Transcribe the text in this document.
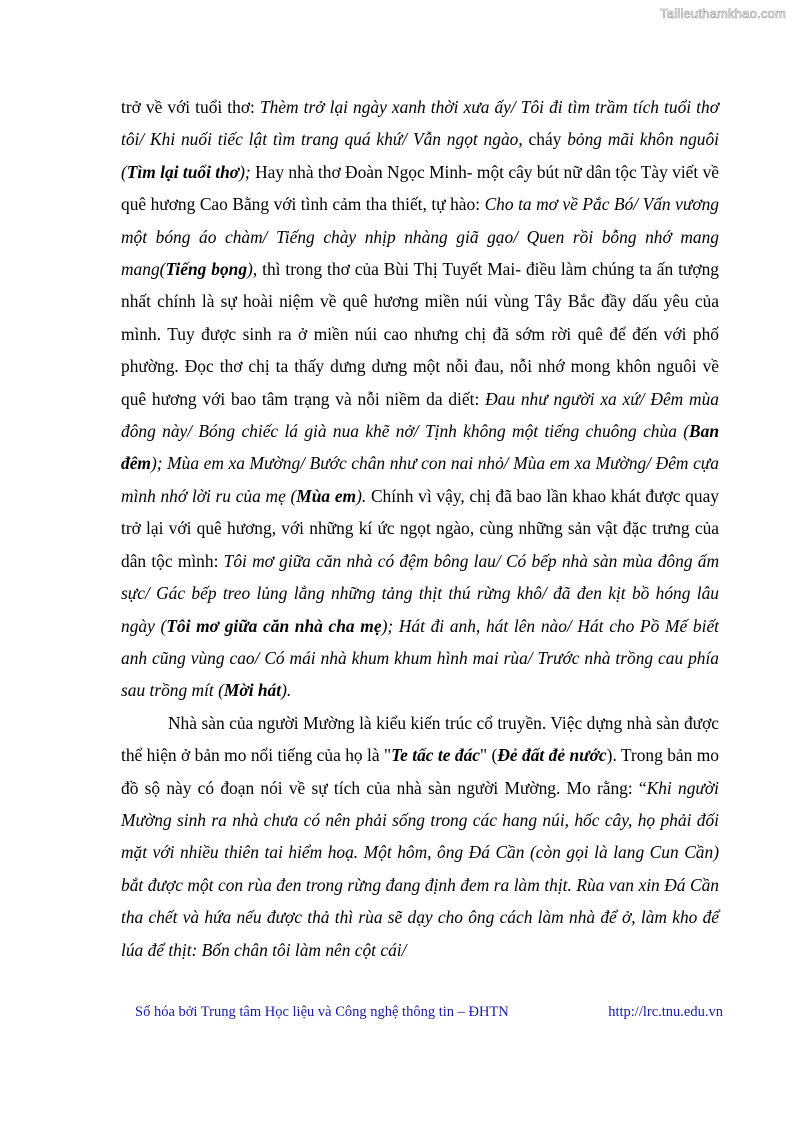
Tailieuthamkhao.com

trở về với tuổi thơ: Thèm trở lại ngày xanh thời xưa ấy/ Tôi đi tìm trầm tích tuổi thơ tôi/ Khi nuối tiếc lật tìm trang quá khứ/ Vẫn ngọt ngào, cháy bỏng mãi khôn nguôi (Tìm lại tuổi thơ); Hay nhà thơ Đoàn Ngọc Minh- một cây bút nữ dân tộc Tày viết về quê hương Cao Bằng với tình cảm tha thiết, tự hào: Cho ta mơ về Pắc Bó/ Vấn vương một bóng áo chàm/ Tiếng chày nhịp nhàng giã gạo/ Quen rồi bỗng nhớ mang mang(Tiếng bọng), thì trong thơ của Bùi Thị Tuyết Mai- điều làm chúng ta ấn tượng nhất chính là sự hoài niệm về quê hương miền núi vùng Tây Bắc đầy dấu yêu của mình. Tuy được sinh ra ở miền núi cao nhưng chị đã sớm rời quê để đến với phố phường. Đọc thơ chị ta thấy dưng dưng một nỗi đau, nỗi nhớ mong khôn nguôi về quê hương với bao tâm trạng và nỗi niềm da diết: Đau như người xa xứ/ Đêm mùa đông này/ Bóng chiếc lá già nua khẽ nở/ Tịnh không một tiếng chuông chùa (Ban đêm); Mùa em xa Mường/ Bước chân như con nai nhỏ/ Mùa em xa Mường/ Đêm cựa mình nhớ lời ru của mẹ (Mùa em). Chính vì vậy, chị đã bao lần khao khát được quay trở lại với quê hương, với những kí ức ngọt ngào, cùng những sản vật đặc trưng của dân tộc mình: Tôi mơ giữa căn nhà có đệm bông lau/ Có bếp nhà sàn mùa đông ấm sực/ Gác bếp treo lủng lẳng những tảng thịt thú rừng khô/ đã đen kịt bồ hóng lâu ngày (Tôi mơ giữa căn nhà cha mẹ); Hát đi anh, hát lên nào/ Hát cho Pồ Mế biết anh cũng vùng cao/ Có mái nhà khum khum hình mai rùa/ Trước nhà trồng cau phía sau trồng mít (Mời hát).

Nhà sàn của người Mường là kiểu kiến trúc cổ truyền. Việc dựng nhà sàn được thể hiện ở bản mo nổi tiếng của họ là "Te tấc te đác" (Đẻ đất đẻ nước). Trong bản mo đồ sộ này có đoạn nói về sự tích của nhà sàn người Mường. Mo rằng: “Khi người Mường sinh ra nhà chưa có nên phải sống trong các hang núi, hốc cây, họ phải đối mặt với nhiều thiên tai hiểm hoạ. Một hôm, ông Đá Cần (còn gọi là lang Cun Cần) bắt được một con rùa đen trong rừng đang định đem ra làm thịt. Rùa van xin Đá Cần tha chết và hứa nếu được thả thì rùa sẽ dạy cho ông cách làm nhà để ở, làm kho để lúa để thịt: Bốn chân tôi làm nên cột cái/

Số hóa bởi Trung tâm Học liệu và Công nghệ thông tin – ĐHTN	http://lrc.tnu.edu.vn
